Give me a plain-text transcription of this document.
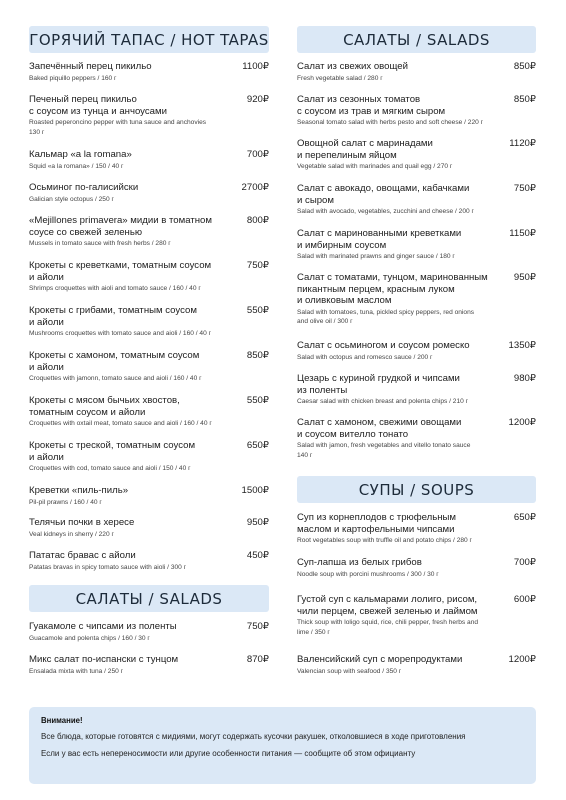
ГОРЯЧИЙ ТАПАС / HOT TAPAS
Запечённый перец пикильо	1100₽
Baked piquillo peppers / 160 г
Печеный перец пикильо
с соусом из тунца и анчоусами
920₽
Roasted peperoncino pepper with tuna sauce and anchovies
130 г
Кальмар «a la romana»	700₽
Squid «a la romana» / 150 / 40 г
Осьминог по-галисийски	2700₽
Galician style octopus / 250 г
«Mejillones primavera» мидии в томатном
соусе со свежей зеленью
800₽
Mussels in tomato sauce with fresh herbs / 280 г
Крокеты с креветками, томатным соусом
и айоли
750₽
Shrimps croquettes with aioli and tomato sauce / 160 / 40 г
Крокеты с грибами, томатным соусом
и айоли
550₽
Mushrooms croquettes with tomato sauce and aioli / 160 / 40 г
Крокеты с хамоном, томатным соусом
и айоли
850₽
Croquettes with jamonn, tomato sauce and aioli / 160 / 40 г
Крокеты с мясом бычьих хвостов,
томатным соусом и айоли
550₽
Croquettes with oxtail meat, tomato sauce and aioli / 160 / 40 г
Крокеты с треской, томатным соусом
и айоли
650₽
Croquettes with cod, tomato sauce and aioli / 150 / 40 г
Креветки «пиль-пиль»	1500₽
Pil-pil prawns / 160 / 40 г
Телячьи почки в хересе	950₽
Veal kidneys in sherry / 220 г
Пататас бравас с айоли	450₽
Patatas bravas in spicy tomato sauce with aioli / 300 г
САЛАТЫ / SALADS
Гуакамоле с чипсами из поленты	750₽
Guacamole and polenta chips / 160 / 30 г
Микс салат по-испански с тунцом	870₽
Ensalada mixta with tuna / 250 г
САЛАТЫ / SALADS
Салат из свежих овощей	850₽
Fresh vegetable salad / 280 г
Салат из сезонных томатов
с соусом из трав и мягким сыром
850₽
Seasonal tomato salad with herbs pesto and soft cheese / 220 г
Овощной салат с маринадами
и перепелиным яйцом
1120₽
Vegetable salad with marinades and quail egg / 270 г
Салат с авокадо, овощами, кабачками
и сыром
750₽
Salad with avocado, vegetables, zucchini and cheese / 200 г
Салат с маринованными креветками
и имбирным соусом
1150₽
Salad with marinated prawns and ginger sauce / 180 г
Салат с томатами, тунцом, маринованным
пикантным перцем, красным луком
и оливковым маслом
950₽
Salad with tomatoes, tuna, pickled spicy peppers, red onions
and olive oil / 300 г
Салат с осьминогом и соусом ромеско	1350₽
Salad with octopus and romesco sauce / 200 г
Цезарь с куриной грудкой и чипсами
из поленты
980₽
Caesar salad with chicken breast and polenta chips / 210 г
Салат с хамоном, свежими овощами
и соусом вителло тонато
1200₽
Salad with jamon, fresh vegetables and vitello tonato sauce
140 г
СУПЫ / SOUPS
Суп из корнеплодов с трюфельным
маслом и картофельными чипсами
650₽
Root vegetables soup with truffle oil and potato chips / 280 г
Суп-лапша из белых грибов	700₽
Noodle soup with porcini mushrooms / 300 / 30 г
Густой суп с кальмарами лолиго, рисом,
чили перцем, свежей зеленью и лаймом
600₽
Thick soup with loligo squid, rice, chili pepper, fresh herbs and
lime / 350 г
Валенсийский суп с морепродуктами	1200₽
Valencian soup with seafood / 350 г
Внимание!
Все блюда, которые готовятся с мидиями, могут содержать кусочки ракушек, отколовшиеся в ходе приготовления
Если у вас есть непереносимости или другие особенности питания — сообщите об этом официанту
